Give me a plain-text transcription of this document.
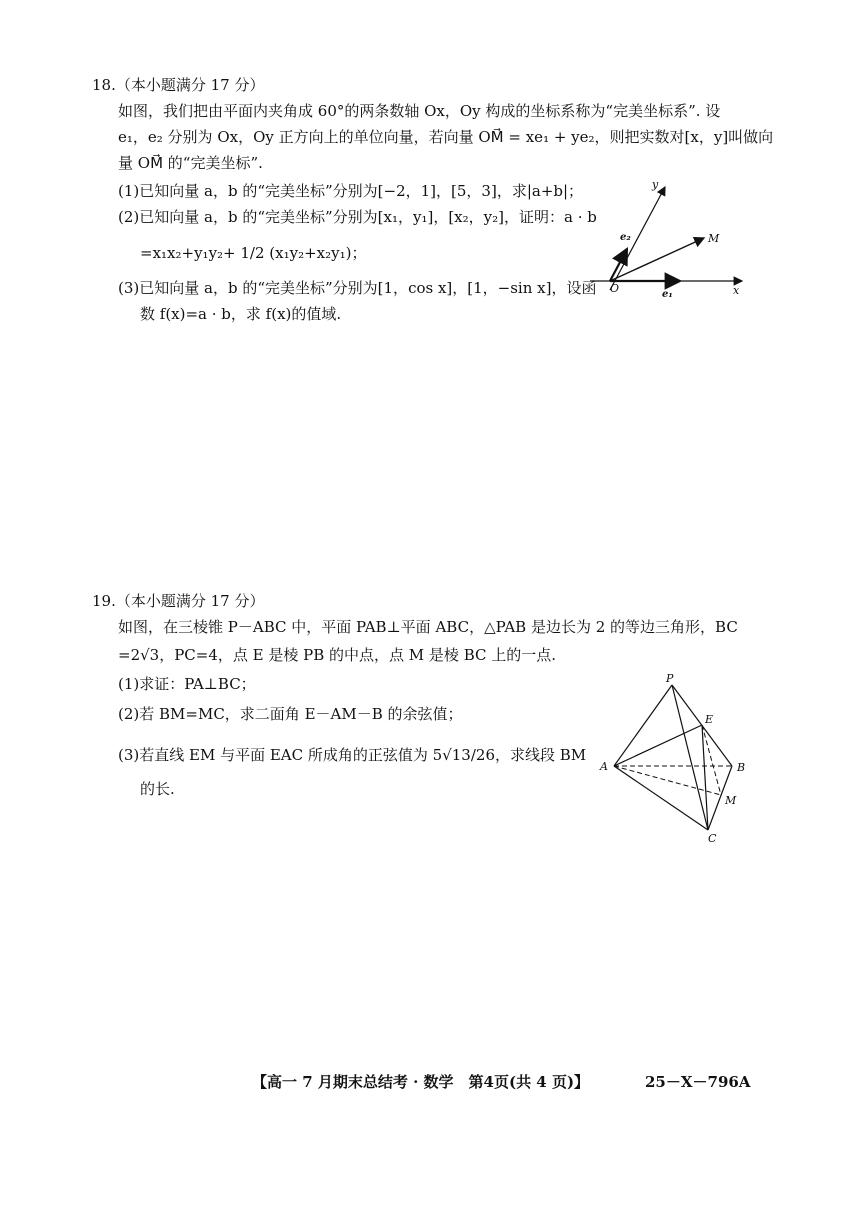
18.（本小题满分 17 分）
如图，我们把由平面内夹角成 60°的两条数轴 Ox，Oy 构成的坐标系称为“完美坐标系”. 设
e₁，e₂ 分别为 Ox，Oy 正方向上的单位向量，若向量 OM⃗ = xe₁ + ye₂，则把实数对[x，y]叫做向
量 OM⃗ 的“完美坐标”.
(1)已知向量 a，b 的“完美坐标”分别为[−2，1]，[5，3]，求|a+b|；
(2)已知向量 a，b 的“完美坐标”分别为[x₁，y₁]，[x₂，y₂]，证明：a · b
=x₁x₂+y₁y₂+ 1/2 (x₁y₂+x₂y₁)；
(3)已知向量 a，b 的“完美坐标”分别为[1，cos x]，[1，−sin x]，设函
数 f(x)=a · b，求 f(x)的值域.
y
x
O
M
e₁
e₂
19.（本小题满分 17 分）
如图，在三棱锥 P－ABC 中，平面 PAB⊥平面 ABC，△PAB 是边长为 2 的等边三角形，BC
=2√3，PC=4，点 E 是棱 PB 的中点，点 M 是棱 BC 上的一点.
(1)求证：PA⊥BC；
(2)若 BM=MC，求二面角 E－AM－B 的余弦值；
(3)若直线 EM 与平面 EAC 所成角的正弦值为 5√13/26，求线段 BM
的长.
P
A	B
C
E
M
【高一 7 月期末总结考 · 数学　第4页(共 4 页)】	25－X－796A
